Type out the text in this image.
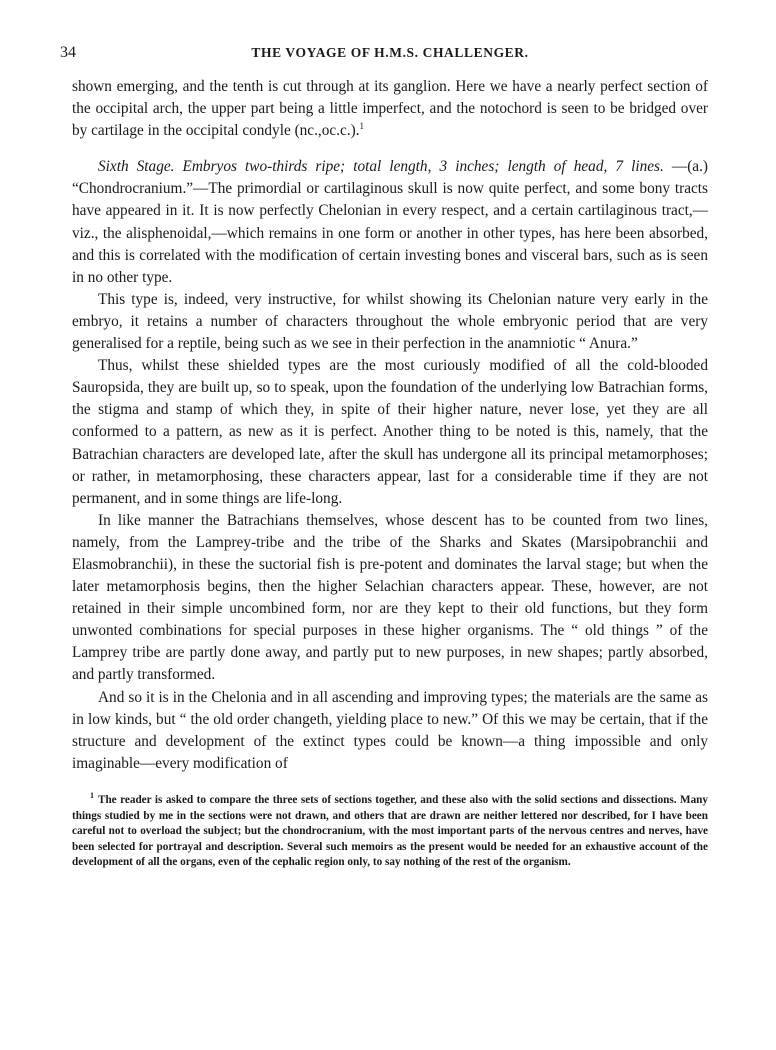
34	THE VOYAGE OF H.M.S. CHALLENGER.

shown emerging, and the tenth is cut through at its ganglion. Here we have a nearly perfect section of the occipital arch, the upper part being a little imperfect, and the notochord is seen to be bridged over by cartilage in the occipital condyle (nc.,oc.c.).$^1$

Sixth Stage. Embryos two-thirds ripe; total length, 3 inches; length of head, 7 lines. —(a.) “Chondrocranium.”—The primordial or cartilaginous skull is now quite perfect, and some bony tracts have appeared in it. It is now perfectly Chelonian in every respect, and a certain cartilaginous tract,—viz., the alisphenoidal,—which remains in one form or another in other types, has here been absorbed, and this is correlated with the modification of certain investing bones and visceral bars, such as is seen in no other type.

This type is, indeed, very instructive, for whilst showing its Chelonian nature very early in the embryo, it retains a number of characters throughout the whole embryonic period that are very generalised for a reptile, being such as we see in their perfection in the anamniotic “ Anura.”

Thus, whilst these shielded types are the most curiously modified of all the cold-blooded Sauropsida, they are built up, so to speak, upon the foundation of the underlying low Batrachian forms, the stigma and stamp of which they, in spite of their higher nature, never lose, yet they are all conformed to a pattern, as new as it is perfect. Another thing to be noted is this, namely, that the Batrachian characters are developed late, after the skull has undergone all its principal metamorphoses; or rather, in metamorphosing, these characters appear, last for a considerable time if they are not permanent, and in some things are life-long.

In like manner the Batrachians themselves, whose descent has to be counted from two lines, namely, from the Lamprey-tribe and the tribe of the Sharks and Skates (Marsipobranchii and Elasmobranchii), in these the suctorial fish is pre-potent and dominates the larval stage; but when the later metamorphosis begins, then the higher Selachian characters appear. These, however, are not retained in their simple uncombined form, nor are they kept to their old functions, but they form unwonted combinations for special purposes in these higher organisms. The “ old things ” of the Lamprey tribe are partly done away, and partly put to new purposes, in new shapes; partly absorbed, and partly transformed.

And so it is in the Chelonia and in all ascending and improving types; the materials are the same as in low kinds, but “ the old order changeth, yielding place to new.” Of this we may be certain, that if the structure and development of the extinct types could be known—a thing impossible and only imaginable—every modification of

$^1$ The reader is asked to compare the three sets of sections together, and these also with the solid sections and dissections. Many things studied by me in the sections were not drawn, and others that are drawn are neither lettered nor described, for I have been careful not to overload the subject; but the chondrocranium, with the most important parts of the nervous centres and nerves, have been selected for portrayal and description. Several such memoirs as the present would be needed for an exhaustive account of the development of all the organs, even of the cephalic region only, to say nothing of the rest of the organism.
